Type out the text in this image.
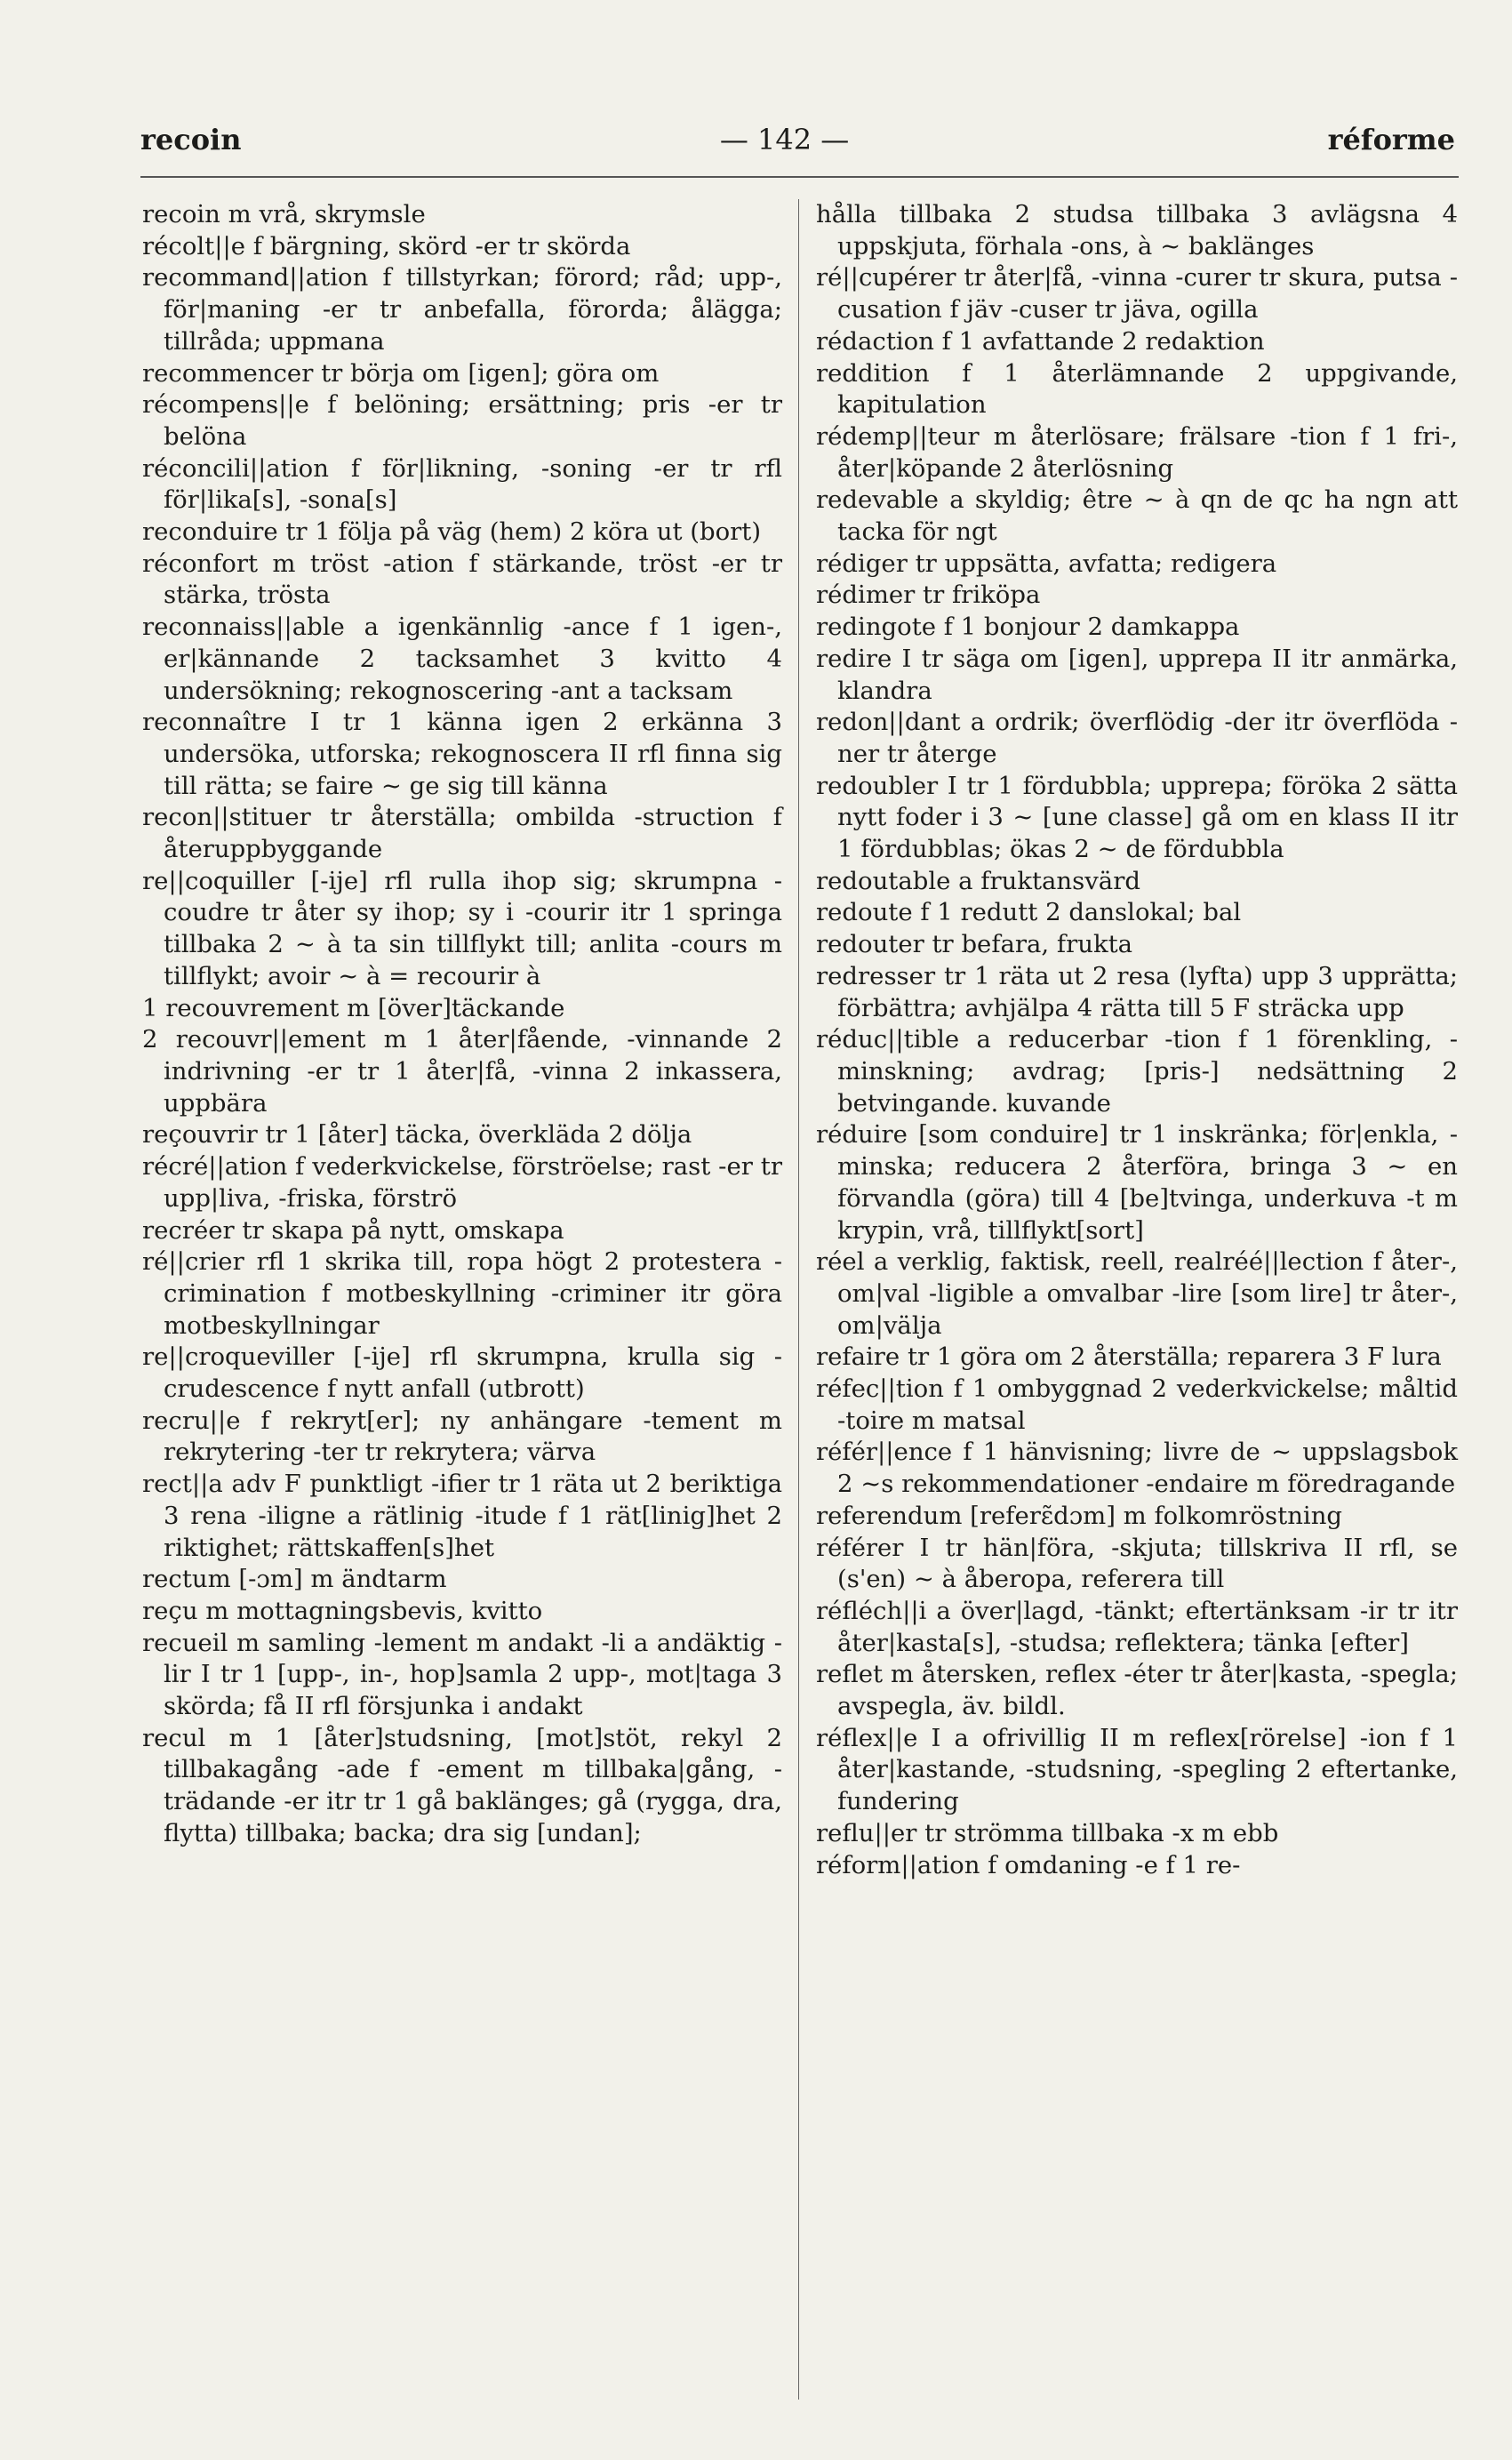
recoin	— 142 —	réforme

recoin m vrå, skrymsle

récolt||e f bärgning, skörd -er tr skörda

recommand||ation f tillstyrkan; förord; råd; upp-, för|maning -er tr anbefalla, förorda; ålägga; tillråda; uppmana

recommencer tr börja om [igen]; göra om

récompens||e f belöning; ersättning; pris -er tr belöna

réconcili||ation f för|likning, -soning -er tr rfl för|lika[s], -sona[s]

reconduire tr 1 följa på väg (hem) 2 köra ut (bort)

réconfort m tröst -ation f stärkande, tröst -er tr stärka, trösta

reconnaiss||able a igenkännlig -ance f 1 igen-, er|kännande 2 tacksamhet 3 kvitto 4 undersökning; rekognoscering -ant a tacksam

reconnaître I tr 1 känna igen 2 erkänna 3 undersöka, utforska; rekognoscera II rfl finna sig till rätta; se faire ~ ge sig till känna

recon||stituer tr återställa; ombilda -struction f återuppbyggande

re||coquiller [-ije] rfl rulla ihop sig; skrumpna -coudre tr åter sy ihop; sy i -courir itr 1 springa tillbaka 2 ~ à ta sin tillflykt till; anlita -cours m tillflykt; avoir ~ à = recourir à

1 recouvrement m [över]täckande

2 recouvr||ement m 1 åter|fående, -vinnande 2 indrivning -er tr 1 åter|få, -vinna 2 inkassera, uppbära

reçouvrir tr 1 [åter] täcka, överkläda 2 dölja

récré||ation f vederkvickelse, förströelse; rast -er tr upp|liva, -friska, förströ

recréer tr skapa på nytt, omskapa

ré||crier rfl 1 skrika till, ropa högt 2 protestera -crimination f motbeskyllning -criminer itr göra motbeskyllningar

re||croqueviller [-ije] rfl skrumpna, krulla sig -crudescence f nytt anfall (utbrott)

recru||e f rekryt[er]; ny anhängare -tement m rekrytering -ter tr rekrytera; värva

rect||a adv F punktligt -ifier tr 1 räta ut 2 beriktiga 3 rena -iligne a rätlinig -itude f 1 rät[linig]het 2 riktighet; rättskaffen[s]het

rectum [-ɔm] m ändtarm

reçu m mottagningsbevis, kvitto

recueil m samling -lement m andakt -li a andäktig -lir I tr 1 [upp-, in-, hop]samla 2 upp-, mot|taga 3 skörda; få II rfl försjunka i andakt

recul m 1 [åter]studsning, [mot]stöt, rekyl 2 tillbakagång -ade f -ement m tillbaka|gång, -trädande -er itr tr 1 gå baklänges; gå (rygga, dra, flytta) tillbaka; backa; dra sig [undan];

hålla tillbaka 2 studsa tillbaka 3 avlägsna 4 uppskjuta, förhala -ons, à ~ baklänges

ré||cupérer tr åter|få, -vinna -curer tr skura, putsa -cusation f jäv -cuser tr jäva, ogilla

rédaction f 1 avfattande 2 redaktion

reddition f 1 återlämnande 2 uppgivande, kapitulation

rédemp||teur m återlösare; frälsare -tion f 1 fri-, åter|köpande 2 återlösning

redevable a skyldig; être ~ à qn de qc ha ngn att tacka för ngt

rédiger tr uppsätta, avfatta; redigera

rédimer tr friköpa

redingote f 1 bonjour 2 damkappa

redire I tr säga om [igen], upprepa II itr anmärka, klandra

redon||dant a ordrik; överflödig -der itr överflöda -ner tr återge

redoubler I tr 1 fördubbla; upprepa; föröka 2 sätta nytt foder i 3 ~ [une classe] gå om en klass II itr 1 fördubblas; ökas 2 ~ de fördubbla

redoutable a fruktansvärd

redoute f 1 redutt 2 danslokal; bal

redouter tr befara, frukta

redresser tr 1 räta ut 2 resa (lyfta) upp 3 upprätta; förbättra; avhjälpa 4 rätta till 5 F sträcka upp

réduc||tible a reducerbar -tion f 1 förenkling, -minskning; avdrag; [pris-] nedsättning 2 betvingande. kuvande

réduire [som conduire] tr 1 inskränka; för|enkla, -minska; reducera 2 återföra, bringa 3 ~ en förvandla (göra) till 4 [be]tvinga, underkuva -t m krypin, vrå, tillflykt[sort]

réel a verklig, faktisk, reell, realréé||lection f åter-, om|val -ligible a omvalbar -lire [som lire] tr åter-, om|välja

refaire tr 1 göra om 2 återställa; reparera 3 F lura

réfec||tion f 1 ombyggnad 2 vederkvickelse; måltid -toire m matsal

référ||ence f 1 hänvisning; livre de ~ uppslagsbok 2 ~s rekommendationer -endaire m föredragande

referendum [referɛ̃dɔm] m folkomröstning

référer I tr hän|föra, -skjuta; tillskriva II rfl, se (s'en) ~ à åberopa, referera till

réfléch||i a över|lagd, -tänkt; eftertänksam -ir tr itr åter|kasta[s], -studsa; reflektera; tänka [efter]

reflet m återsken, reflex -éter tr åter|kasta, -spegla; avspegla, äv. bildl.

réflex||e I a ofrivillig II m reflex[rörelse] -ion f 1 åter|kastande, -studsning, -spegling 2 eftertanke, fundering

reflu||er tr strömma tillbaka -x m ebb

réform||ation f omdaning -e f 1 re-
